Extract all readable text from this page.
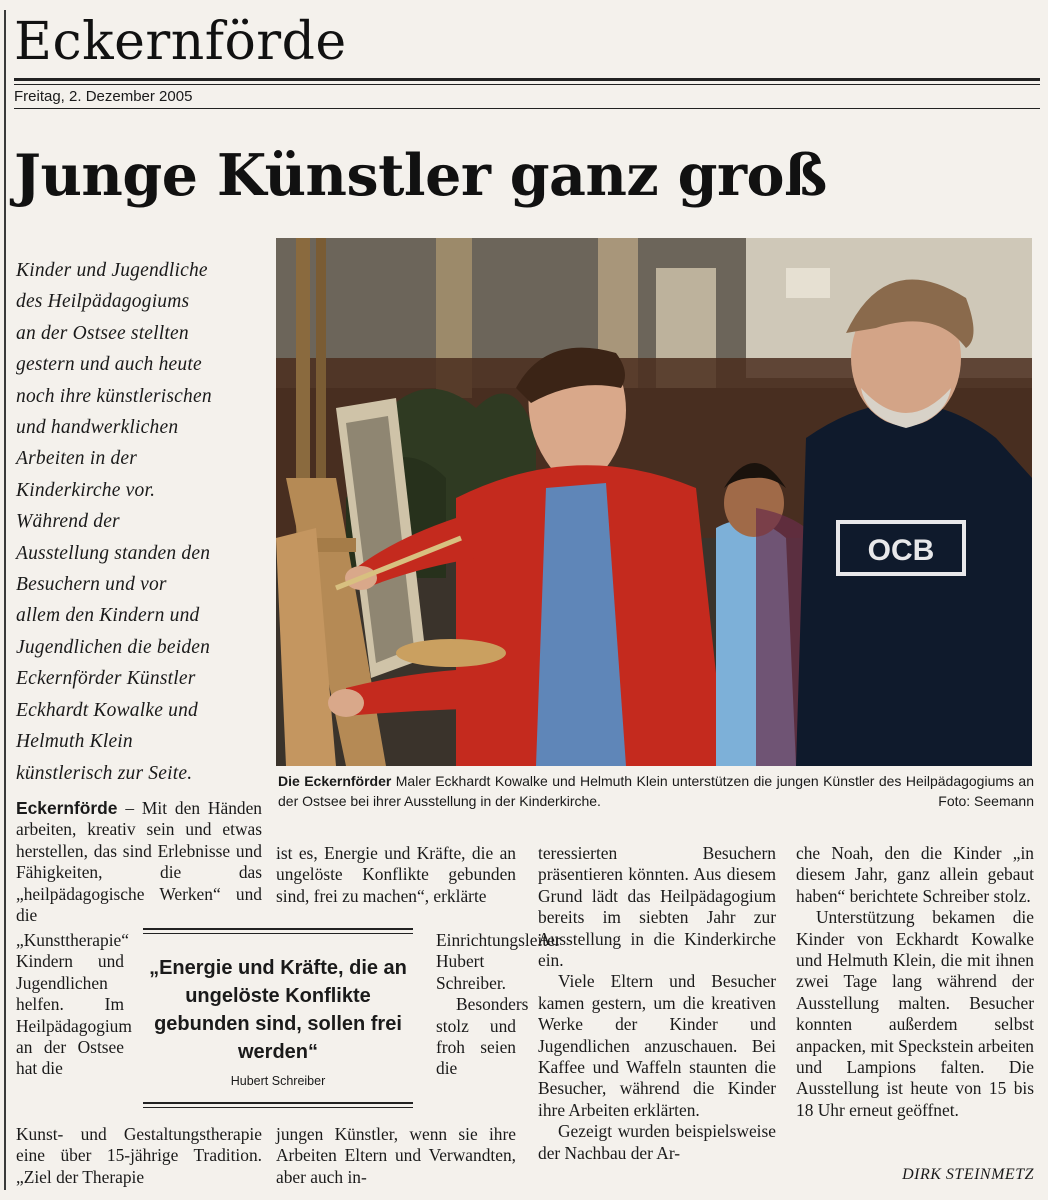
Eckernförde
Freitag, 2. Dezember 2005
Junge Künstler ganz groß

Kinder und Jugendliche

des Heilpädagogiums

an der Ostsee stellten

gestern und auch heute

noch ihre künstlerischen

und handwerklichen

Arbeiten in der

Kinderkirche vor.

Während der

Ausstellung standen den

Besuchern und vor

allem den Kindern und

Jugendlichen die beiden

Eckernförder Künstler

Eckhardt Kowalke und

Helmuth Klein

künstlerisch zur Seite.

OCB
Die Eckernförder Maler Eckhardt Kowalke und Helmuth Klein unterstützen die jungen Künstler des Heilpädagogiums an der Ostsee bei ihrer Ausstellung in der Kinderkirche.	Foto: Seemann

Eckernförde – Mit den Händen arbeiten, kreativ sein und etwas herstellen, das sind Erlebnisse und Fähigkeiten, die das „heilpädagogische Werken“ und die

„Kunsttherapie“ Kindern und Jugendlichen helfen. Im Heilpädagogium an der Ostsee hat die

Kunst- und Gestaltungstherapie eine über 15-jährige Tradition. „Ziel der Therapie

ist es, Energie und Kräfte, die an ungelöste Konflikte gebunden sind, frei zu machen“, erklärte

Einrichtungsleiter Hubert Schreiber.

Besonders stolz und froh seien die

jungen Künstler, wenn sie ihre Arbeiten Eltern und Verwandten, aber auch in-

teressierten Besuchern präsentieren könnten. Aus diesem Grund lädt das Heilpädagogium bereits im siebten Jahr zur Ausstellung in die Kinderkirche ein.

Viele Eltern und Besucher kamen gestern, um die kreativen Werke der Kinder und Jugendlichen anzuschauen. Bei Kaffee und Waffeln staunten die Besucher, während die Kinder ihre Arbeiten erklärten.

Gezeigt wurden beispielsweise der Nachbau der Ar-

che Noah, den die Kinder „in diesem Jahr, ganz allein gebaut haben“ berichtete Schreiber stolz.

Unterstützung bekamen die Kinder von Eckhardt Kowalke und Helmuth Klein, die mit ihnen zwei Tage lang während der Ausstellung malten. Besucher konnten außerdem selbst anpacken, mit Speckstein arbeiten und Lampions falten. Die Ausstellung ist heute von 15 bis 18 Uhr erneut geöffnet.

„Energie und Kräfte, die an ungelöste Konflikte gebunden sind, sollen frei werden“
Hubert Schreiber
DIRK STEINMETZ
